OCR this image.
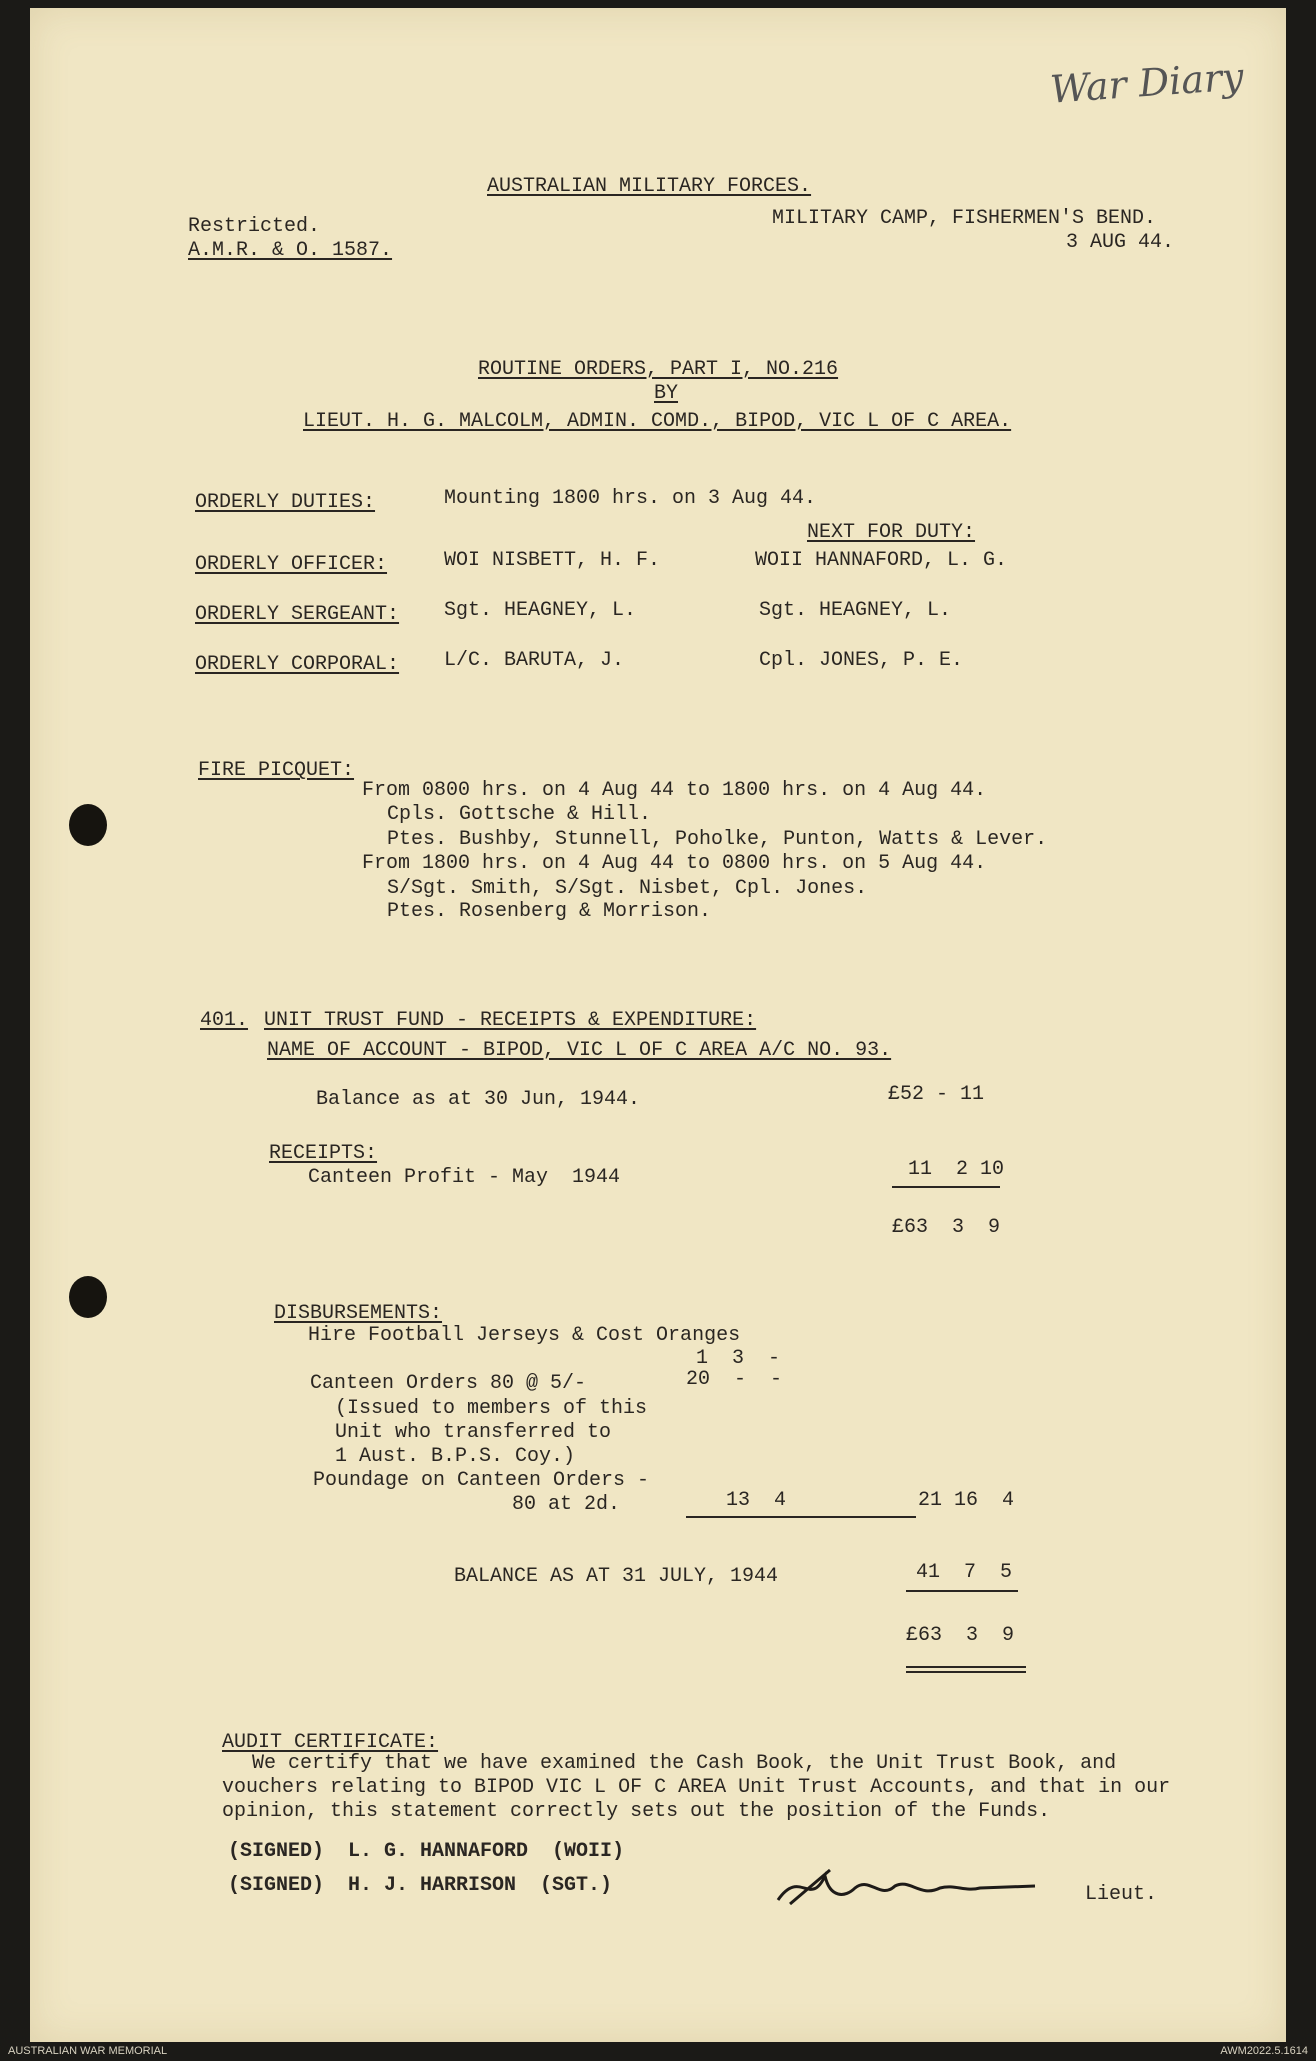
War Diary
AUSTRALIAN MILITARY FORCES.
Restricted.
A.M.R. & O. 1587.
MILITARY CAMP, FISHERMEN'S BEND.
3 AUG 44.
ROUTINE ORDERS, PART I, NO.216
BY
LIEUT. H. G. MALCOLM, ADMIN. COMD., BIPOD, VIC L OF C AREA.
ORDERLY DUTIES:	Mounting 1800 hrs. on 3 Aug 44.
NEXT FOR DUTY:
ORDERLY OFFICER:	WOI NISBETT, H. F.	WOII HANNAFORD, L. G.
ORDERLY SERGEANT: Sgt. HEAGNEY, L.	Sgt. HEAGNEY, L.
ORDERLY CORPORAL: L/C. BARUTA, J.	Cpl. JONES, P. E.
FIRE PICQUET:
From 0800 hrs. on 4 Aug 44 to 1800 hrs. on 4 Aug 44.
Cpls. Gottsche & Hill.
Ptes. Bushby, Stunnell, Poholke, Punton, Watts & Lever.
From 1800 hrs. on 4 Aug 44 to 0800 hrs. on 5 Aug 44.
S/Sgt. Smith, S/Sgt. Nisbet, Cpl. Jones.
Ptes. Rosenberg & Morrison.
401. UNIT TRUST FUND - RECEIPTS & EXPENDITURE:
NAME OF ACCOUNT - BIPOD, VIC L OF C AREA A/C NO. 93.
Balance as at 30 Jun, 1944.	£52 - 11
RECEIPTS:
Canteen Profit - May  1944	11  2 10
£63  3  9
DISBURSEMENTS:
Hire Football Jerseys & Cost Oranges
1  3  -
Canteen Orders 80 @ 5/-	20  -  -
(Issued to members of this
Unit who transferred to
1 Aust. B.P.S. Coy.)
Poundage on Canteen Orders -
80 at 2d.	13  4	21 16  4
BALANCE AS AT 31 JULY, 1944	41  7  5
£63  3  9
AUDIT CERTIFICATE:
We certify that we have examined the Cash Book, the Unit Trust Book, and
vouchers relating to BIPOD VIC L OF C AREA Unit Trust Accounts, and that in our
opinion, this statement correctly sets out the position of the Funds.
(SIGNED)  L. G. HANNAFORD  (WOII)
(SIGNED)  H. J. HARRISON  (SGT.)	Lieut.
AUSTRALIAN WAR MEMORIAL	AWM2022.5.1614
